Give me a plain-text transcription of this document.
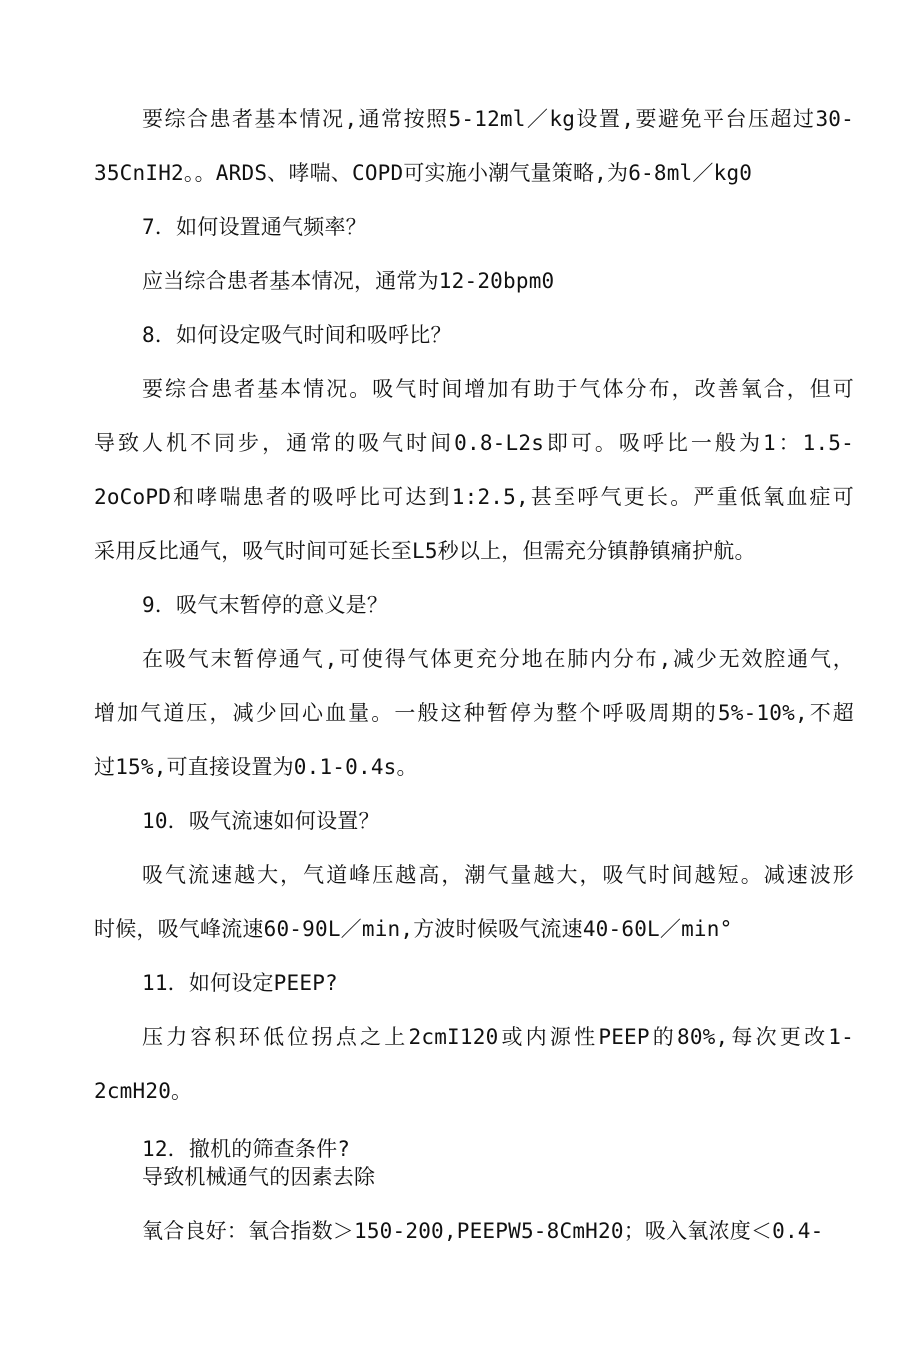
要综合患者基本情况,通常按照5-12ml／kg设置,要避免平台压超过30-
35CnIH2。。ARDS、哮喘、COPD可实施小潮气量策略,为6-8ml／kg0
7．如何设置通气频率？
应当综合患者基本情况，通常为12-20bpm0
8．如何设定吸气时间和吸呼比？
要综合患者基本情况。吸气时间增加有助于气体分布，改善氧合，但可
导致人机不同步，通常的吸气时间0.8-L2s即可。吸呼比一般为1：1.5-
2oCoPD和哮喘患者的吸呼比可达到1:2.5,甚至呼气更长。严重低氧血症可
采用反比通气，吸气时间可延长至L5秒以上，但需充分镇静镇痛护航。
9．吸气末暂停的意义是？
在吸气末暂停通气,可使得气体更充分地在肺内分布,减少无效腔通气，
增加气道压，减少回心血量。一般这种暂停为整个呼吸周期的5%-10%,不超
过15%,可直接设置为0.1-0.4s。
10．吸气流速如何设置？
吸气流速越大，气道峰压越高，潮气量越大，吸气时间越短。减速波形
时候，吸气峰流速60-90L／min,方波时候吸气流速40-60L／min°
11．如何设定PEEP?
压力容积环低位拐点之上2cmI120或内源性PEEP的80%,每次更改1-
2cmH20。
12．撤机的筛查条件?
导致机械通气的因素去除
氧合良好：氧合指数＞150-200,PEEPW5-8CmH20；吸入氧浓度＜0.4-
